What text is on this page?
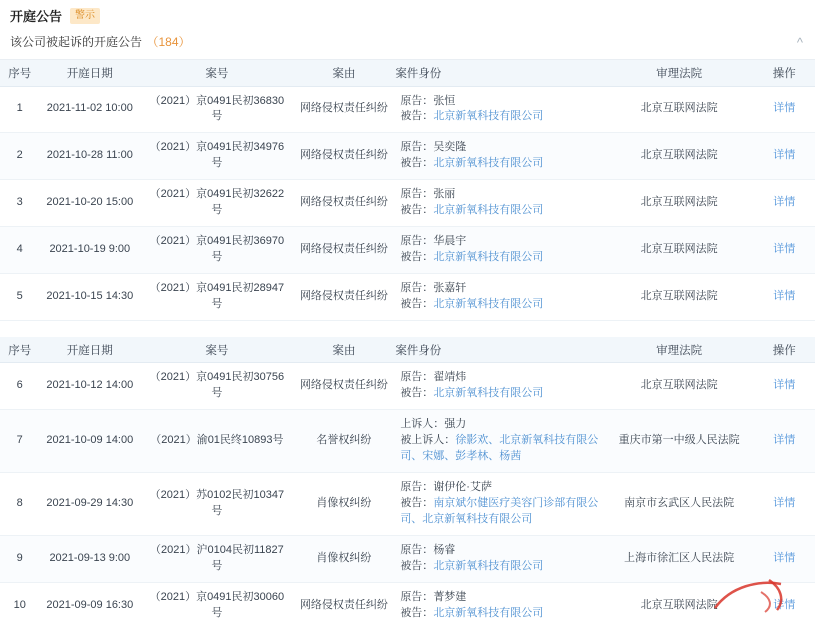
开庭公告	警示
该公司被起诉的开庭公告 （184）	^
序号	开庭日期	案号	案由	案件身份	审理法院	操作
1	2021-11-02 10:00	（2021）京0491民初36830号	网络侵权责任纠纷	原告：张恒
被告：北京新氧科技有限公司	北京互联网法院	详情
2	2021-10-28 11:00	（2021）京0491民初34976号	网络侵权责任纠纷	原告：吴奕隆
被告：北京新氧科技有限公司	北京互联网法院	详情
3	2021-10-20 15:00	（2021）京0491民初32622号	网络侵权责任纠纷	原告：张丽
被告：北京新氧科技有限公司	北京互联网法院	详情
4	2021-10-19 9:00	（2021）京0491民初36970号	网络侵权责任纠纷	原告：华晨宇
被告：北京新氧科技有限公司	北京互联网法院	详情
5	2021-10-15 14:30	（2021）京0491民初28947号	网络侵权责任纠纷	原告：张嘉轩
被告：北京新氧科技有限公司	北京互联网法院	详情
序号	开庭日期	案号	案由	案件身份	审理法院	操作
6	2021-10-12 14:00	（2021）京0491民初30756号	网络侵权责任纠纷	原告：翟靖炜
被告：北京新氧科技有限公司	北京互联网法院	详情
7	2021-10-09 14:00	（2021）渝01民终10893号	名誉权纠纷	上诉人：强力
被上诉人：徐影欢、北京新氧科技有限公司、宋娜、彭孝林、杨茜	重庆市第一中级人民法院	详情
8	2021-09-29 14:30	（2021）苏0102民初10347号	肖像权纠纷	原告：谢伊伦·艾萨
被告：南京斌尔健医疗美容门诊部有限公司、北京新氧科技有限公司	南京市玄武区人民法院	详情
9	2021-09-13 9:00	（2021）沪0104民初11827号	肖像权纠纷	原告：杨睿
被告：北京新氧科技有限公司	上海市徐汇区人民法院	详情
10	2021-09-09 16:30	（2021）京0491民初30060号	网络侵权责任纠纷	原告：菁梦建
被告：北京新氧科技有限公司	北京互联网法院	详情
